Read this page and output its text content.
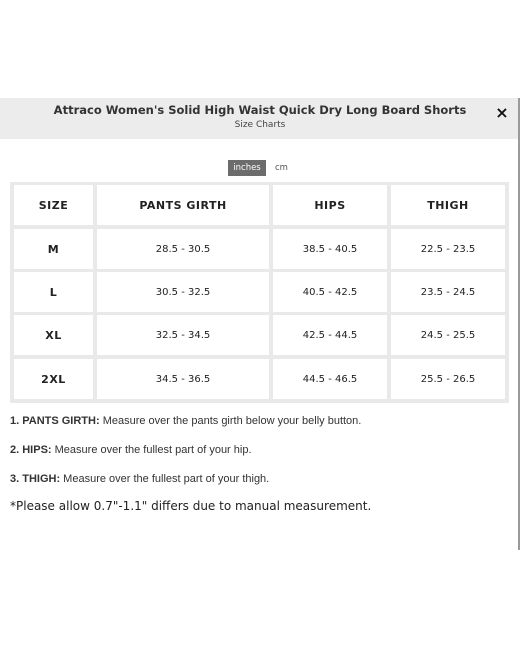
Attraco Women's Solid High Waist Quick Dry Long Board Shorts
Size Charts
×
inches	cm
SIZE	PANTS GIRTH	HIPS	THIGH
M	28.5 - 30.5	38.5 - 40.5	22.5 - 23.5
L	30.5 - 32.5	40.5 - 42.5	23.5 - 24.5
XL	32.5 - 34.5	42.5 - 44.5	24.5 - 25.5
2XL	34.5 - 36.5	44.5 - 46.5	25.5 - 26.5
1. PANTS GIRTH: Measure over the pants girth below your belly button.
2. HIPS: Measure over the fullest part of your hip.
3. THIGH: Measure over the fullest part of your thigh.
*Please allow 0.7"-1.1" differs due to manual measurement.
